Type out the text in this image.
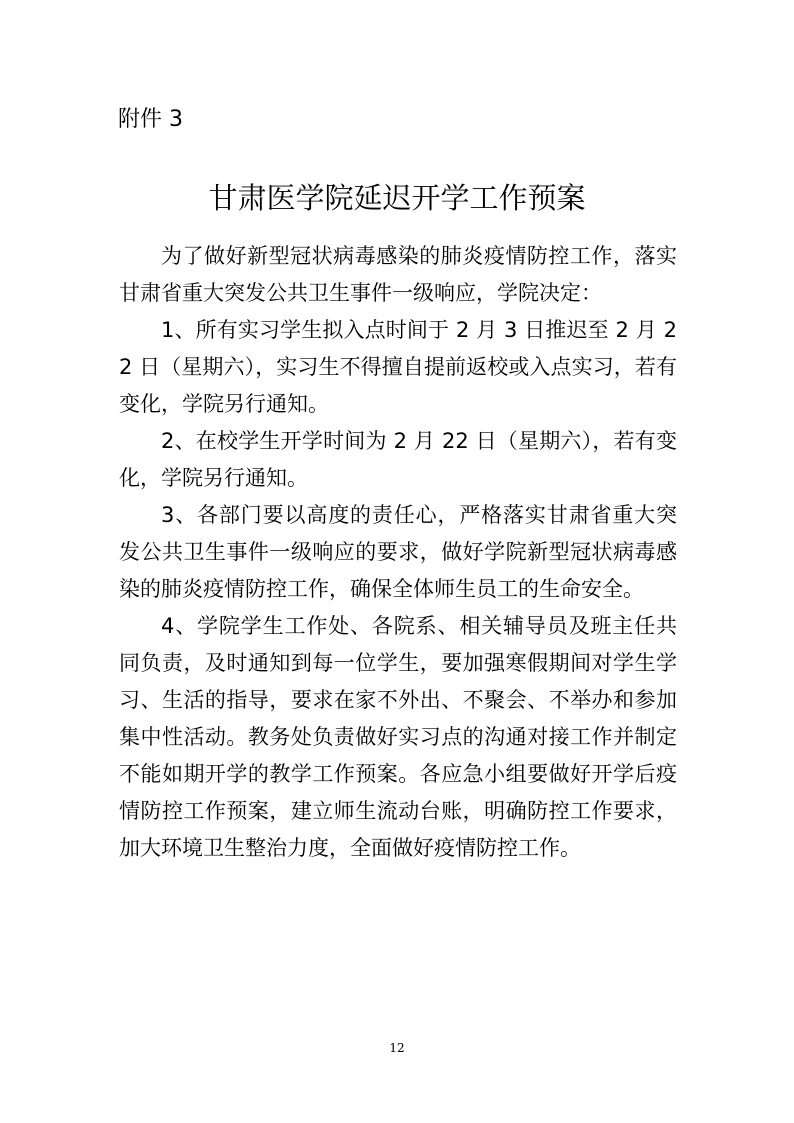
附件 3
甘肃医学院延迟开学工作预案

为了做好新型冠状病毒感染的肺炎疫情防控工作，落实甘肃省重大突发公共卫生事件一级响应，学院决定：

1、所有实习学生拟入点时间于 2 月 3 日推迟至 2 月 22 日（星期六），实习生不得擅自提前返校或入点实习，若有变化，学院另行通知。

2、在校学生开学时间为 2 月 22 日（星期六），若有变化，学院另行通知。

3、各部门要以高度的责任心，严格落实甘肃省重大突发公共卫生事件一级响应的要求，做好学院新型冠状病毒感染的肺炎疫情防控工作，确保全体师生员工的生命安全。

4、学院学生工作处、各院系、相关辅导员及班主任共同负责，及时通知到每一位学生，要加强寒假期间对学生学习、生活的指导，要求在家不外出、不聚会、不举办和参加集中性活动。教务处负责做好实习点的沟通对接工作并制定不能如期开学的教学工作预案。各应急小组要做好开学后疫情防控工作预案，建立师生流动台账，明确防控工作要求，加大环境卫生整治力度，全面做好疫情防控工作。

12
